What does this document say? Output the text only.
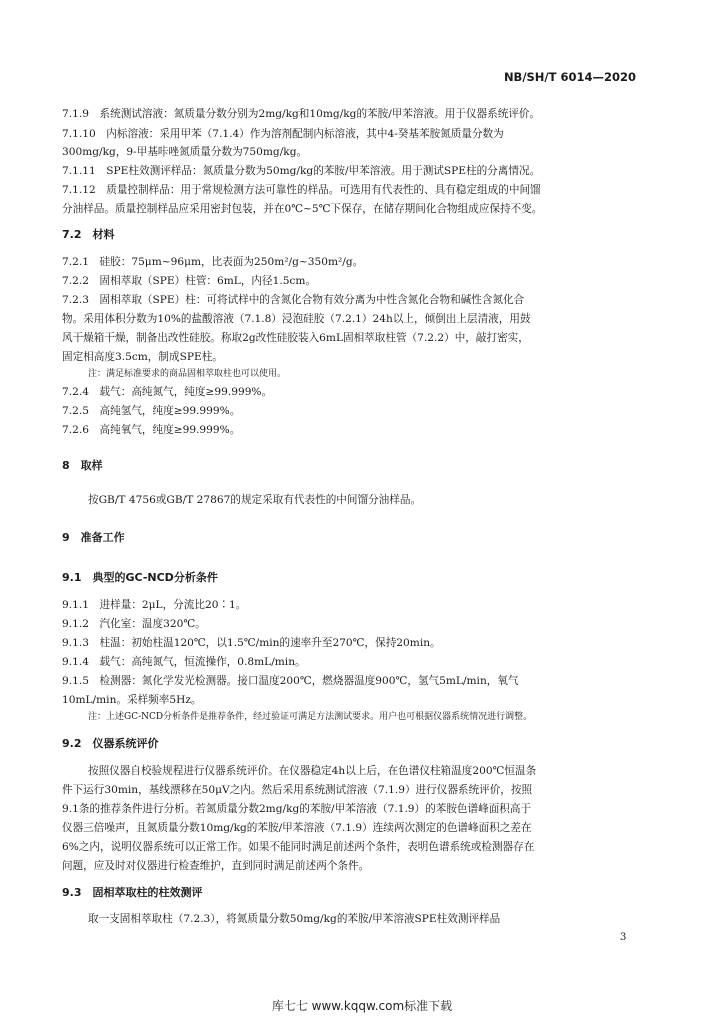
NB/SH/T 6014—2020
7.1.9　系统测试溶液：氮质量分数分别为2mg/kg和10mg/kg的苯胺/甲苯溶液。用于仪器系统评价。
7.1.10　内标溶液：采用甲苯（7.1.4）作为溶剂配制内标溶液，其中4-癸基苯胺氮质量分数为
300mg/kg，9-甲基咔唑氮质量分数为750mg/kg。
7.1.11　SPE柱效测评样品：氮质量分数为50mg/kg的苯胺/甲苯溶液。用于测试SPE柱的分离情况。
7.1.12　质量控制样品：用于常规检测方法可靠性的样品。可选用有代表性的、具有稳定组成的中间馏
分油样品。质量控制样品应采用密封包装，并在0℃~5℃下保存，在储存期间化合物组成应保持不变。
7.2　材料
7.2.1　硅胶：75μm~96μm，比表面为250m²/g~350m²/g。
7.2.2　固相萃取（SPE）柱管：6mL，内径1.5cm。
7.2.3　固相萃取（SPE）柱：可将试样中的含氮化合物有效分离为中性含氮化合物和碱性含氮化合
物。采用体积分数为10%的盐酸溶液（7.1.8）浸泡硅胶（7.2.1）24h以上，倾倒出上层清液，用鼓
风干燥箱干燥，制备出改性硅胶。称取2g改性硅胶装入6mL固相萃取柱管（7.2.2）中，敲打密实，
固定相高度3.5cm，制成SPE柱。
注：满足标准要求的商品固相萃取柱也可以使用。
7.2.4　载气：高纯氮气，纯度≥99.999%。
7.2.5　高纯氢气，纯度≥99.999%。
7.2.6　高纯氧气，纯度≥99.999%。
8　取样
按GB/T 4756或GB/T 27867的规定采取有代表性的中间馏分油样品。
9　准备工作
9.1　典型的GC-NCD分析条件
9.1.1　进样量：2μL，分流比20∶1。
9.1.2　汽化室：温度320℃。
9.1.3　柱温：初始柱温120℃，以1.5℃/min的速率升至270℃，保持20min。
9.1.4　载气：高纯氮气，恒流操作，0.8mL/min。
9.1.5　检测器：氮化学发光检测器。接口温度200℃，燃烧器温度900℃，氢气5mL/min，氧气
10mL/min。采样频率5Hz。
注：上述GC-NCD分析条件是推荐条件，经过验证可满足方法测试要求。用户也可根据仪器系统情况进行调整。
9.2　仪器系统评价
按照仪器自校验规程进行仪器系统评价。在仪器稳定4h以上后，在色谱仪柱箱温度200℃恒温条
件下运行30min，基线漂移在50μV之内。然后采用系统测试溶液（7.1.9）进行仪器系统评价，按照
9.1条的推荐条件进行分析。若氮质量分数2mg/kg的苯胺/甲苯溶液（7.1.9）的苯胺色谱峰面积高于
仪器三倍噪声，且氮质量分数10mg/kg的苯胺/甲苯溶液（7.1.9）连续两次测定的色谱峰面积之差在
6%之内，说明仪器系统可以正常工作。如果不能同时满足前述两个条件，表明色谱系统或检测器存在
问题，应及时对仪器进行检查维护，直到同时满足前述两个条件。
9.3　固相萃取柱的柱效测评
取一支固相萃取柱（7.2.3），将氮质量分数50mg/kg的苯胺/甲苯溶液SPE柱效测评样品
3
库七七 www.kqqw.com标准下载
